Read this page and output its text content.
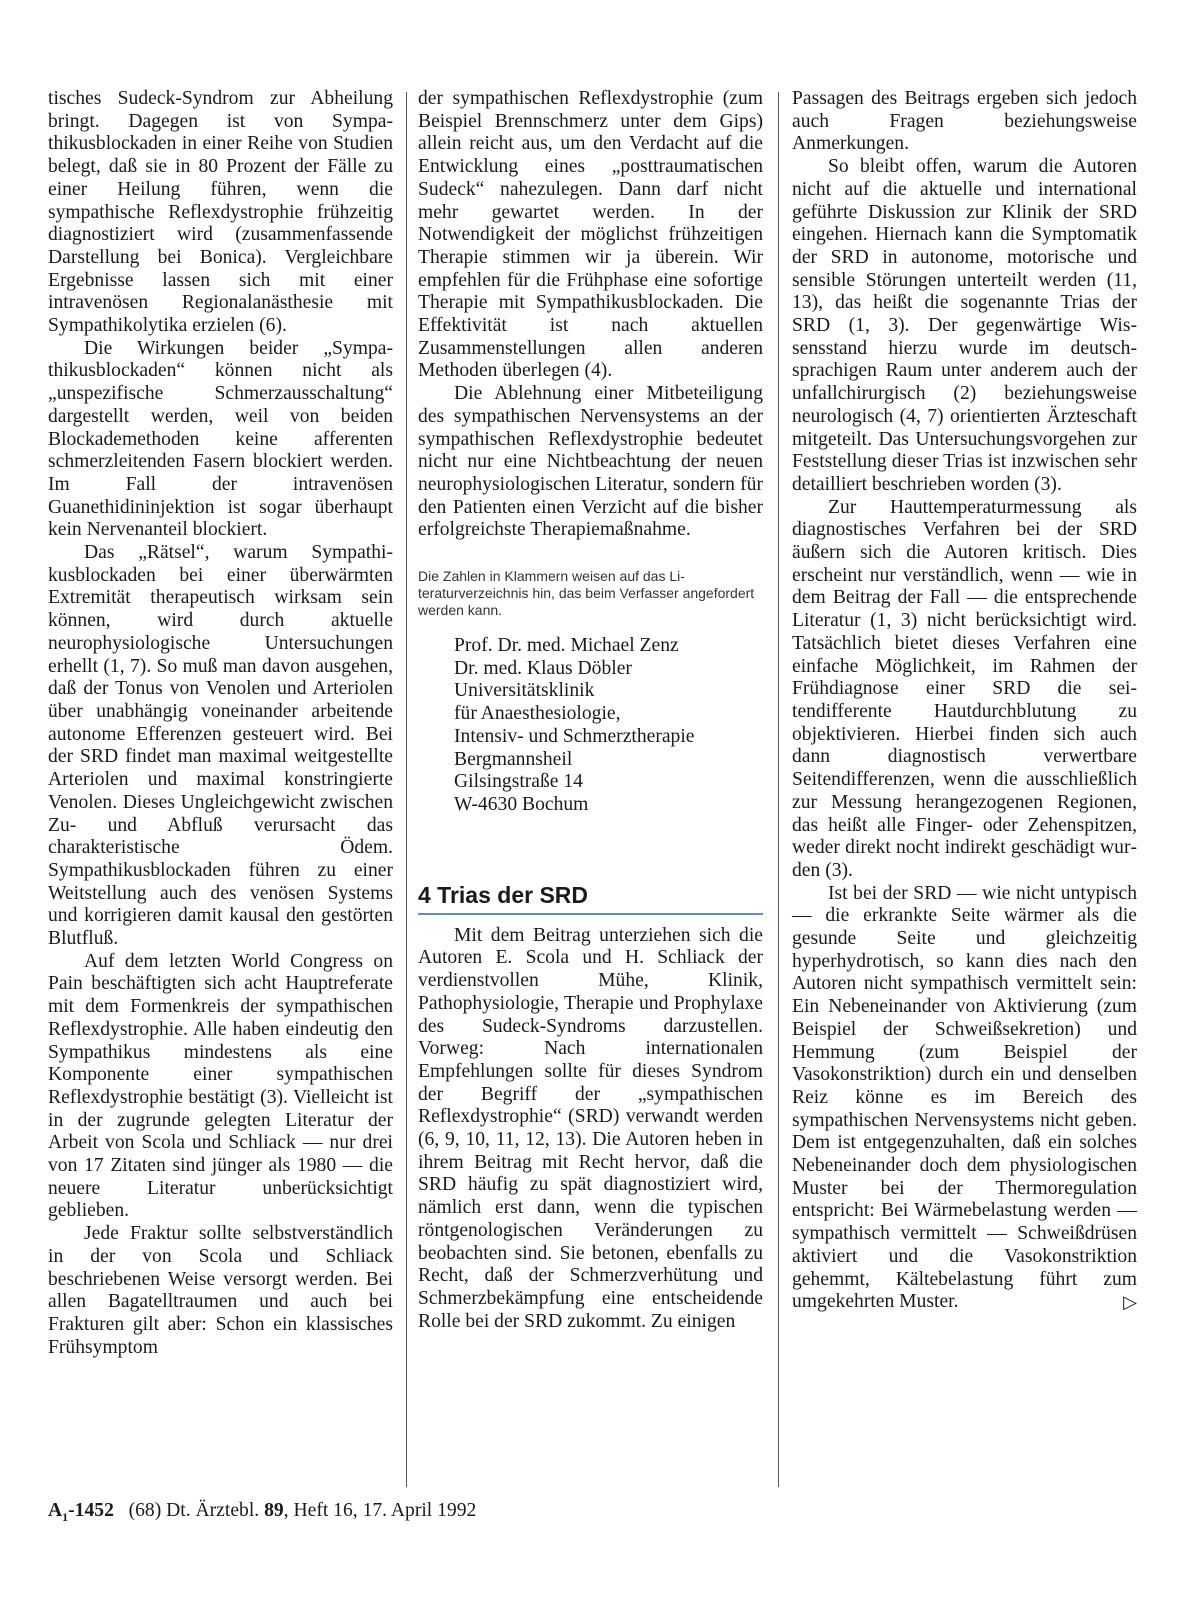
tisches Sudeck-Syndrom zur Abheilung bringt. Dagegen ist von Sympathikusblockaden in einer Reihe von Studien belegt, daß sie in 80 Prozent der Fälle zu einer Heilung führen, wenn die sympathische Reflexdystrophie frühzeitig diagnostiziert wird (zusammenfassende Darstellung bei Bonica). Vergleichbare Ergebnisse lassen sich mit einer intravenösen Regionalanästhesie mit Sympathikolytika erzielen (6).

Die Wirkungen beider „Sympathikusblockaden“ können nicht als „unspezifische Schmerzausschaltung“ dargestellt werden, weil von beiden Blockademethoden keine afferenten schmerzleitenden Fasern blockiert werden. Im Fall der intravenösen Guanethidininjektion ist sogar überhaupt kein Nervenanteil blockiert.

Das „Rätsel“, warum Sympathikusblockaden bei einer überwärmten Extremität therapeutisch wirksam sein können, wird durch aktuelle neurophysiologische Untersuchungen erhellt (1, 7). So muß man davon ausgehen, daß der Tonus von Venolen und Arteriolen über unabhängig voneinander arbeitende autonome Efferenzen gesteuert wird. Bei der SRD findet man maximal weitgestellte Arteriolen und maximal konstringierte Venolen. Dieses Ungleichgewicht zwischen Zu- und Abfluß verursacht das charakteristische Ödem. Sympathikusblockaden führen zu einer Weitstellung auch des venösen Systems und korrigieren damit kausal den gestörten Blutfluß.

Auf dem letzten World Congress on Pain beschäftigten sich acht Hauptreferate mit dem Formenkreis der sympathischen Reflexdystrophie. Alle haben eindeutig den Sympathikus mindestens als eine Komponente einer sympathischen Reflexdystrophie bestätigt (3). Vielleicht ist in der zugrunde gelegten Literatur der Arbeit von Scola und Schliack — nur drei von 17 Zitaten sind jünger als 1980 — die neuere Literatur unberücksichtigt geblieben.

Jede Fraktur sollte selbstverständlich in der von Scola und Schliack beschriebenen Weise versorgt werden. Bei allen Bagatelltraumen und auch bei Frakturen gilt aber: Schon ein klassisches Frühsymptom

der sympathischen Reflexdystrophie (zum Beispiel Brennschmerz unter dem Gips) allein reicht aus, um den Verdacht auf die Entwicklung eines „posttraumatischen Sudeck“ nahezulegen. Dann darf nicht mehr gewartet werden. In der Notwendigkeit der möglichst frühzeitigen Therapie stimmen wir ja überein. Wir empfehlen für die Frühphase eine sofortige Therapie mit Sympathikusblockaden. Die Effektivität ist nach aktuellen Zusammenstellungen allen anderen Methoden überlegen (4).

Die Ablehnung einer Mitbeteiligung des sympathischen Nervensystems an der sympathischen Reflexdystrophie bedeutet nicht nur eine Nichtbeachtung der neuen neurophysiologischen Literatur, sondern für den Patienten einen Verzicht auf die bisher erfolgreichste Therapiemaßnahme.

Die Zahlen in Klammern weisen auf das Literaturverzeichnis hin, das beim Verfasser angefordert werden kann.
Prof. Dr. med. Michael Zenz
Dr. med. Klaus Döbler
Universitätsklinik
für Anaesthesiologie,
Intensiv- und Schmerztherapie
Bergmannsheil
Gilsingstraße 14
W-4630 Bochum
4 Trias der SRD

Mit dem Beitrag unterziehen sich die Autoren E. Scola und H. Schliack der verdienstvollen Mühe, Klinik, Pathophysiologie, Therapie und Prophylaxe des Sudeck-Syndroms darzustellen. Vorweg: Nach internationalen Empfehlungen sollte für dieses Syndrom der Begriff der „sympathischen Reflexdystrophie“ (SRD) verwandt werden (6, 9, 10, 11, 12, 13). Die Autoren heben in ihrem Beitrag mit Recht hervor, daß die SRD häufig zu spät diagnostiziert wird, nämlich erst dann, wenn die typischen röntgenologischen Veränderungen zu beobachten sind. Sie betonen, ebenfalls zu Recht, daß der Schmerzverhütung und Schmerzbekämpfung eine entscheidende Rolle bei der SRD zukommt. Zu einigen

Passagen des Beitrags ergeben sich jedoch auch Fragen beziehungsweise Anmerkungen.

So bleibt offen, warum die Autoren nicht auf die aktuelle und international geführte Diskussion zur Klinik der SRD eingehen. Hiernach kann die Symptomatik der SRD in autonome, motorische und sensible Störungen unterteilt werden (11, 13), das heißt die sogenannte Trias der SRD (1, 3). Der gegenwärtige Wissensstand hierzu wurde im deutschsprachigen Raum unter anderem auch der unfallchirurgisch (2) beziehungsweise neurologisch (4, 7) orientierten Ärzteschaft mitgeteilt. Das Untersuchungsvorgehen zur Feststellung dieser Trias ist inzwischen sehr detailliert beschrieben worden (3).

Zur Hauttemperaturmessung als diagnostisches Verfahren bei der SRD äußern sich die Autoren kritisch. Dies erscheint nur verständlich, wenn — wie in dem Beitrag der Fall — die entsprechende Literatur (1, 3) nicht berücksichtigt wird. Tatsächlich bietet dieses Verfahren eine einfache Möglichkeit, im Rahmen der Frühdiagnose einer SRD die seitendifferente Hautdurchblutung zu objektivieren. Hierbei finden sich auch dann diagnostisch verwertbare Seitendifferenzen, wenn die ausschließlich zur Messung herangezogenen Regionen, das heißt alle Finger- oder Zehenspitzen, weder direkt nocht indirekt geschädigt wurden (3).

Ist bei der SRD — wie nicht untypisch — die erkrankte Seite wärmer als die gesunde Seite und gleichzeitig hyperhydrotisch, so kann dies nach den Autoren nicht sympathisch vermittelt sein: Ein Nebeneinander von Aktivierung (zum Beispiel der Schweißsekretion) und Hemmung (zum Beispiel der Vasokonstriktion) durch ein und denselben Reiz könne es im Bereich des sympathischen Nervensystems nicht geben. Dem ist entgegenzuhalten, daß ein solches Nebeneinander doch dem physiologischen Muster bei der Thermoregulation entspricht: Bei Wärmebelastung werden — sympathisch vermittelt — Schweißdrüsen aktiviert und die Vasokonstriktion gehemmt, Kältebelastung führt zum umgekehrten Muster.	▷

$A_1-1452$ (68) Dt. Ärztebl. 89, Heft 16, 17. April 1992
